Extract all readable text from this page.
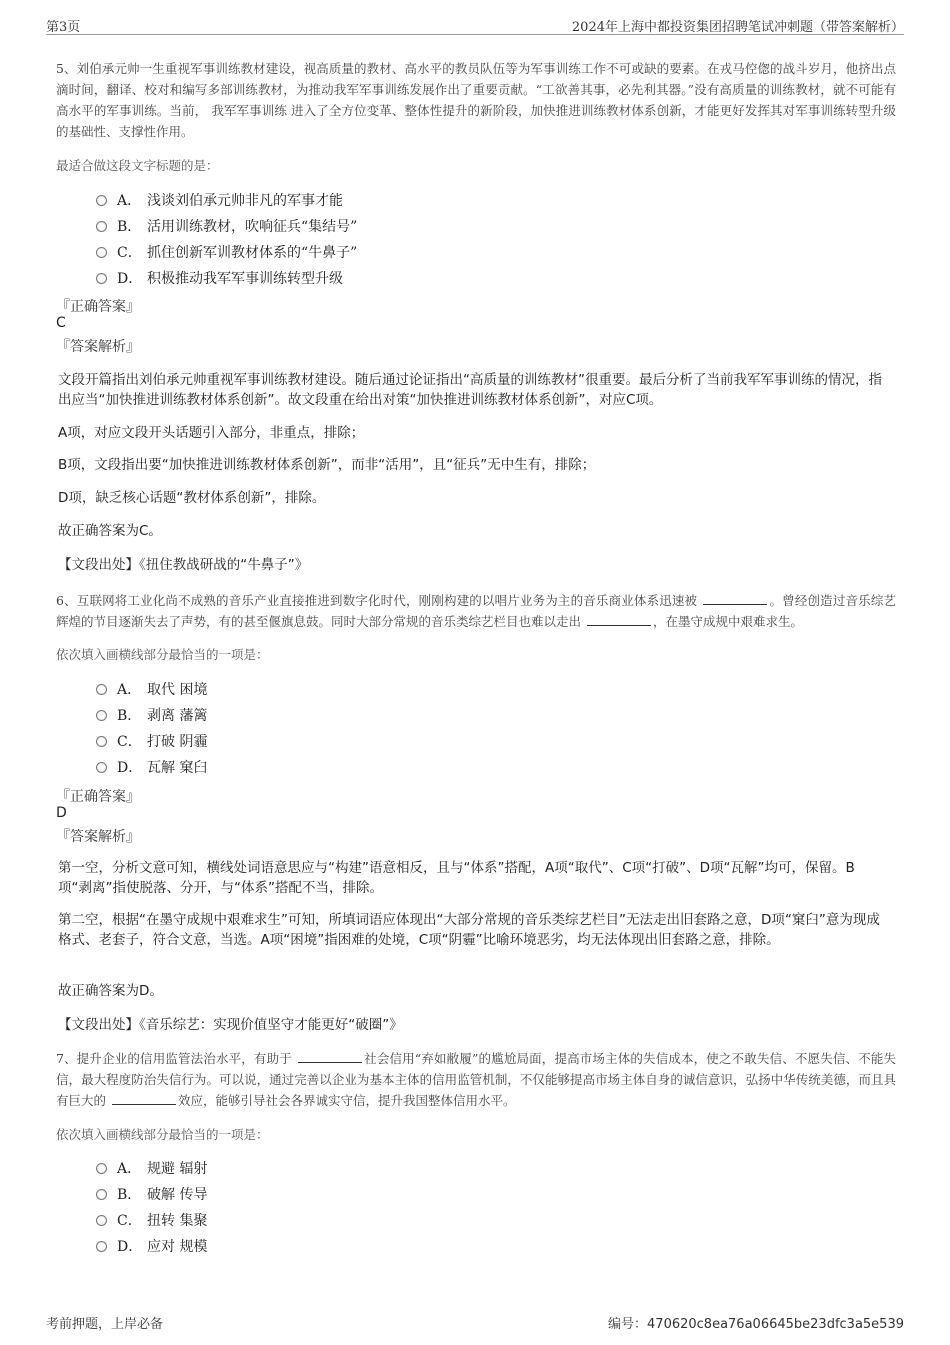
第3页	2024年上海中都投资集团招聘笔试冲刺题（带答案解析）
5、刘伯承元帅一生重视军事训练教材建设，视高质量的教材、高水平的教员队伍等为军事训练工作不可或缺的要素。在戎马倥偬的战斗岁月，他挤出点滴时间，翻译、校对和编写多部训练教材，为推动我军军事训练发展作出了重要贡献。“工欲善其事，必先利其器。”没有高质量的训练教材，就不可能有高水平的军事训练。当前， 我军军事训练 进入了全方位变革、整体性提升的新阶段，加快推进训练教材体系创新，才能更好发挥其对军事训练转型升级的基础性、支撑性作用。
最适合做这段文字标题的是：
A． 浅谈刘伯承元帅非凡的军事才能
B． 活用训练教材，吹响征兵“集结号”
C． 抓住创新军训教材体系的“牛鼻子”
D． 积极推动我军军事训练转型升级
『正确答案』
C
『答案解析』
文段开篇指出刘伯承元帅重视军事训练教材建设。随后通过论证指出“高质量的训练教材”很重要。最后分析了当前我军军事训练的情况，指出应当“加快推进训练教材体系创新”。故文段重在给出对策“加快推进训练教材体系创新”，对应C项。
A项，对应文段开头话题引入部分，非重点，排除；
B项，文段指出要“加快推进训练教材体系创新”，而非“活用”，且“征兵”无中生有，排除；
D项，缺乏核心话题“教材体系创新”，排除。
故正确答案为C。
【文段出处】《扭住教战研战的“牛鼻子”》
6、互联网将工业化尚不成熟的音乐产业直接推进到数字化时代，刚刚构建的以唱片业务为主的音乐商业体系迅速被	。曾经创造过音乐综艺辉煌的节目逐渐失去了声势，有的甚至偃旗息鼓。同时大部分常规的音乐类综艺栏目也难以走出	，在墨守成规中艰难求生。
依次填入画横线部分最恰当的一项是：
A． 取代 困境
B． 剥离 藩篱
C． 打破 阴霾
D． 瓦解 窠臼
『正确答案』
D
『答案解析』
第一空，分析文意可知，横线处词语意思应与“构建”语意相反，且与“体系”搭配，A项“取代”、C项“打破”、D项“瓦解”均可，保留。B项“剥离”指使脱落、分开，与“体系”搭配不当，排除。
第二空，根据“在墨守成规中艰难求生”可知，所填词语应体现出“大部分常规的音乐类综艺栏目”无法走出旧套路之意，D项“窠臼”意为现成格式、老套子，符合文意，当选。A项“困境”指困难的处境，C项“阴霾”比喻环境恶劣，均无法体现出旧套路之意，排除。
故正确答案为D。
【文段出处】《音乐综艺：实现价值坚守才能更好“破圈”》
7、提升企业的信用监管法治水平，有助于	社会信用“弃如敝履”的尴尬局面，提高市场主体的失信成本，使之不敢失信、不愿失信、不能失信，最大程度防治失信行为。可以说，通过完善以企业为基本主体的信用监管机制，不仅能够提高市场主体自身的诚信意识，弘扬中华传统美德，而且具有巨大的	效应，能够引导社会各界诚实守信，提升我国整体信用水平。
依次填入画横线部分最恰当的一项是：
A． 规避 辐射
B． 破解 传导
C． 扭转 集聚
D． 应对 规模
考前押题，上岸必备	编号：470620c8ea76a06645be23dfc3a5e539
